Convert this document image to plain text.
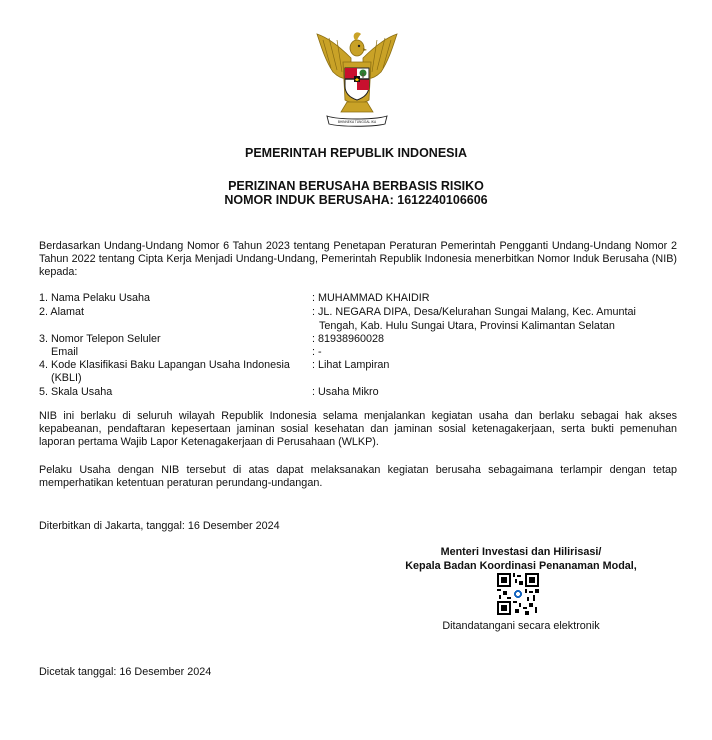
BHINNEKA TUNGGAL IKA
PEMERINTAH REPUBLIK INDONESIA
PERIZINAN BERUSAHA BERBASIS RISIKO
NOMOR INDUK BERUSAHA: 1612240106606
Berdasarkan Undang-Undang Nomor 6 Tahun 2023 tentang Penetapan Peraturan Pemerintah Pengganti Undang-Undang Nomor 2 Tahun 2022 tentang Cipta Kerja Menjadi Undang-Undang, Pemerintah Republik Indonesia menerbitkan Nomor Induk Berusaha (NIB) kepada:
1. Nama Pelaku Usaha	: MUHAMMAD KHAIDIR
2. Alamat	: JL. NEGARA DIPA, Desa/Kelurahan Sungai Malang, Kec. Amuntai
Tengah, Kab. Hulu Sungai Utara, Provinsi Kalimantan Selatan
3. Nomor Telepon Seluler	: 81938960028
Email	: -
4. Kode Klasifikasi Baku Lapangan Usaha Indonesia	: Lihat Lampiran
(KBLI)
5. Skala Usaha	: Usaha Mikro
NIB ini berlaku di seluruh wilayah Republik Indonesia selama menjalankan kegiatan usaha dan berlaku sebagai hak akses kepabeanan, pendaftaran kepesertaan jaminan sosial kesehatan dan jaminan sosial ketenagakerjaan, serta bukti pemenuhan laporan pertama Wajib Lapor Ketenagakerjaan di Perusahaan (WLKP).
Pelaku Usaha dengan NIB tersebut di atas dapat melaksanakan kegiatan berusaha sebagaimana terlampir dengan tetap memperhatikan ketentuan peraturan perundang-undangan.
Diterbitkan di Jakarta, tanggal: 16 Desember 2024
Menteri Investasi dan Hilirisasi/
Kepala Badan Koordinasi Penanaman Modal,
Ditandatangani secara elektronik
Dicetak tanggal: 16 Desember 2024
